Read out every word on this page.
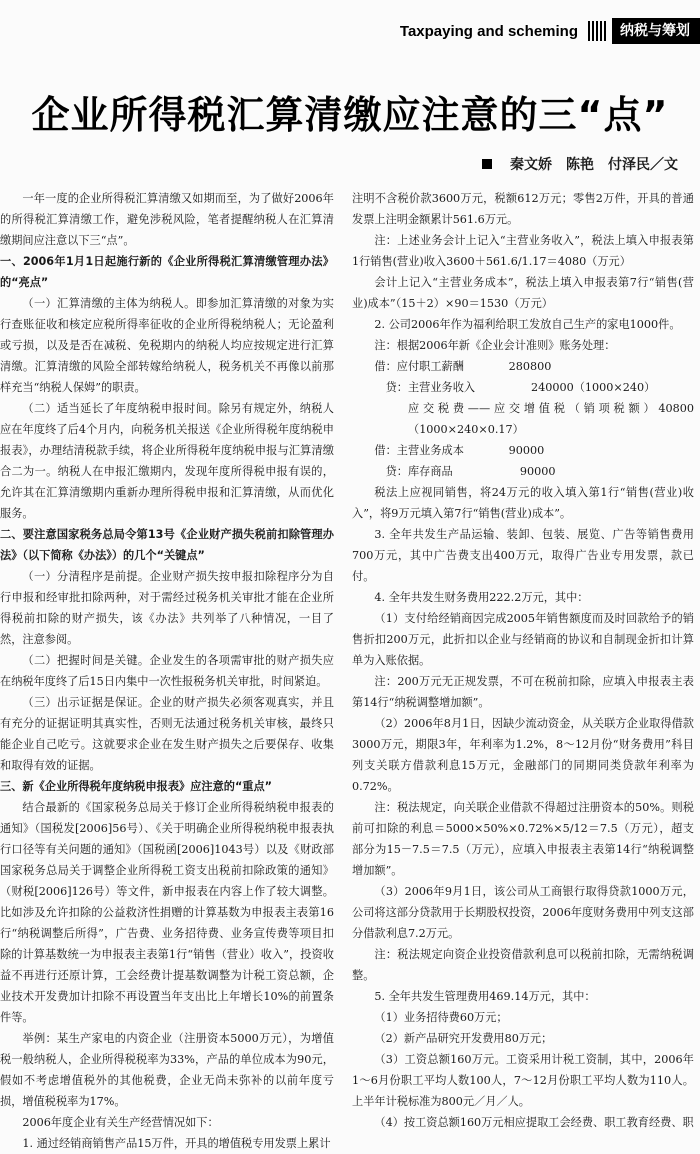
Taxpaying and scheming	纳税与筹划
企业所得税汇算清缴应注意的三“点”
秦文娇　陈艳　付泽民／文

一年一度的企业所得税汇算清缴又如期而至，为了做好2006年的所得税汇算清缴工作，避免涉税风险，笔者提醒纳税人在汇算清缴期间应注意以下三“点”。

一、2006年1月1日起施行新的《企业所得税汇算清缴管理办法》的“亮点”

（一）汇算清缴的主体为纳税人。即参加汇算清缴的对象为实行查账征收和核定应税所得率征收的企业所得税纳税人；无论盈利或亏损，以及是否在减税、免税期内的纳税人均应按规定进行汇算清缴。汇算清缴的风险全部转嫁给纳税人，税务机关不再像以前那样充当“纳税人保姆”的职责。

（二）适当延长了年度纳税申报时间。除另有规定外，纳税人应在年度终了后4个月内，向税务机关报送《企业所得税年度纳税申报表》，办理结清税款手续，将企业所得税年度纳税申报与汇算清缴合二为一。纳税人在申报汇缴期内，发现年度所得税申报有误的，允许其在汇算清缴期内重新办理所得税申报和汇算清缴，从而优化服务。

二、要注意国家税务总局令第13号《企业财产损失税前扣除管理办法》（以下简称《办法》）的几个“关键点”

（一）分清程序是前提。企业财产损失按申报扣除程序分为自行申报和经审批扣除两种，对于需经过税务机关审批才能在企业所得税前扣除的财产损失，该《办法》共列举了八种情况，一目了然，注意参阅。

（二）把握时间是关键。企业发生的各项需审批的财产损失应在纳税年度终了后15日内集中一次性报税务机关审批，时间紧迫。

（三）出示证据是保证。企业的财产损失必须客观真实，并且有充分的证据证明其真实性，否则无法通过税务机关审核，最终只能企业自己吃亏。这就要求企业在发生财产损失之后要保存、收集和取得有效的证据。

三、新《企业所得税年度纳税申报表》应注意的“重点”

结合最新的《国家税务总局关于修订企业所得税纳税申报表的通知》（国税发[2006]56号）、《关于明确企业所得税纳税申报表执行口径等有关问题的通知》（国税函[2006]1043号）以及《财政部国家税务总局关于调整企业所得税工资支出税前扣除政策的通知》（财税[2006]126号）等文件，新申报表在内容上作了较大调整。比如涉及允许扣除的公益救济性捐赠的计算基数为申报表主表第16行“纳税调整后所得”，广告费、业务招待费、业务宣传费等项目扣除的计算基数统一为申报表主表第1行“销售（营业）收入”，投资收益不再进行还原计算，工会经费计提基数调整为计税工资总额，企业技术开发费加计扣除不再设置当年支出比上年增长10%的前置条件等。

举例：某生产家电的内资企业（注册资本5000万元），为增值税一般纳税人，企业所得税税率为33%，产品的单位成本为90元，假如不考虑增值税外的其他税费，企业无尚未弥补的以前年度亏损，增值税税率为17%。

2006年度企业有关生产经营情况如下：

1. 通过经销商销售产品15万件，开具的增值税专用发票上累计

注明不含税价款3600万元，税额612万元；零售2万件，开具的普通发票上注明金额累计561.6万元。

注：上述业务会计上记入“主营业务收入”，税法上填入申报表第1行销售(营业)收入3600＋561.6/1.17＝4080（万元）

会计上记入“主营业务成本”，税法上填入申报表第7行“销售(营业)成本”（15＋2）×90＝1530（万元）

2. 公司2006年作为福利给职工发放自己生产的家电1000件。

注：根据2006年新《企业会计准则》账务处理：

借：应付职工薪酬　　　　280800

贷：主营业务收入　　　　　240000（1000×240）

应交税费——应交增值税（销项税额）40800（1000×240×0.17）

借：主营业务成本　　　　90000

贷：库存商品　　　　　　90000

税法上应视同销售，将24万元的收入填入第1行“销售(营业)收入”，将9万元填入第7行“销售(营业)成本”。

3. 全年共发生产品运输、装卸、包装、展览、广告等销售费用700万元，其中广告费支出400万元，取得广告业专用发票，款已付。

4. 全年共发生财务费用222.2万元，其中：

（1）支付给经销商因完成2005年销售额度而及时回款给予的销售折扣200万元，此折扣以企业与经销商的协议和自制现金折扣计算单为入账依据。

注：200万元无正规发票，不可在税前扣除，应填入申报表主表第14行“纳税调整增加额”。

（2）2006年8月1日，因缺少流动资金，从关联方企业取得借款3000万元，期限3年，年利率为1.2%，8～12月份“财务费用”科目列支关联方借款利息15万元，金融部门的同期同类贷款年利率为0.72%。

注：税法规定，向关联企业借款不得超过注册资本的50%。则税前可扣除的利息＝5000×50%×0.72%×5/12＝7.5（万元），超支部分为15－7.5＝7.5（万元），应填入申报表主表第14行“纳税调整增加额”。

（3）2006年9月1日，该公司从工商银行取得贷款1000万元，公司将这部分贷款用于长期股权投资，2006年度财务费用中列支这部分借款利息7.2万元。

注：税法规定向资企业投资借款利息可以税前扣除，无需纳税调整。

5. 全年共发生管理费用469.14万元，其中：

（1）业务招待费60万元；

（2）新产品研究开发费用80万元；

（3）工资总额160万元。工资采用计税工资制，其中，2006年1～6月份职工平均人数100人，7～12月份职工平均人数为110人。上半年计税标准为800元／月／人。

（4）按工资总额160万元相应提取工会经费、职工教育经费、职
